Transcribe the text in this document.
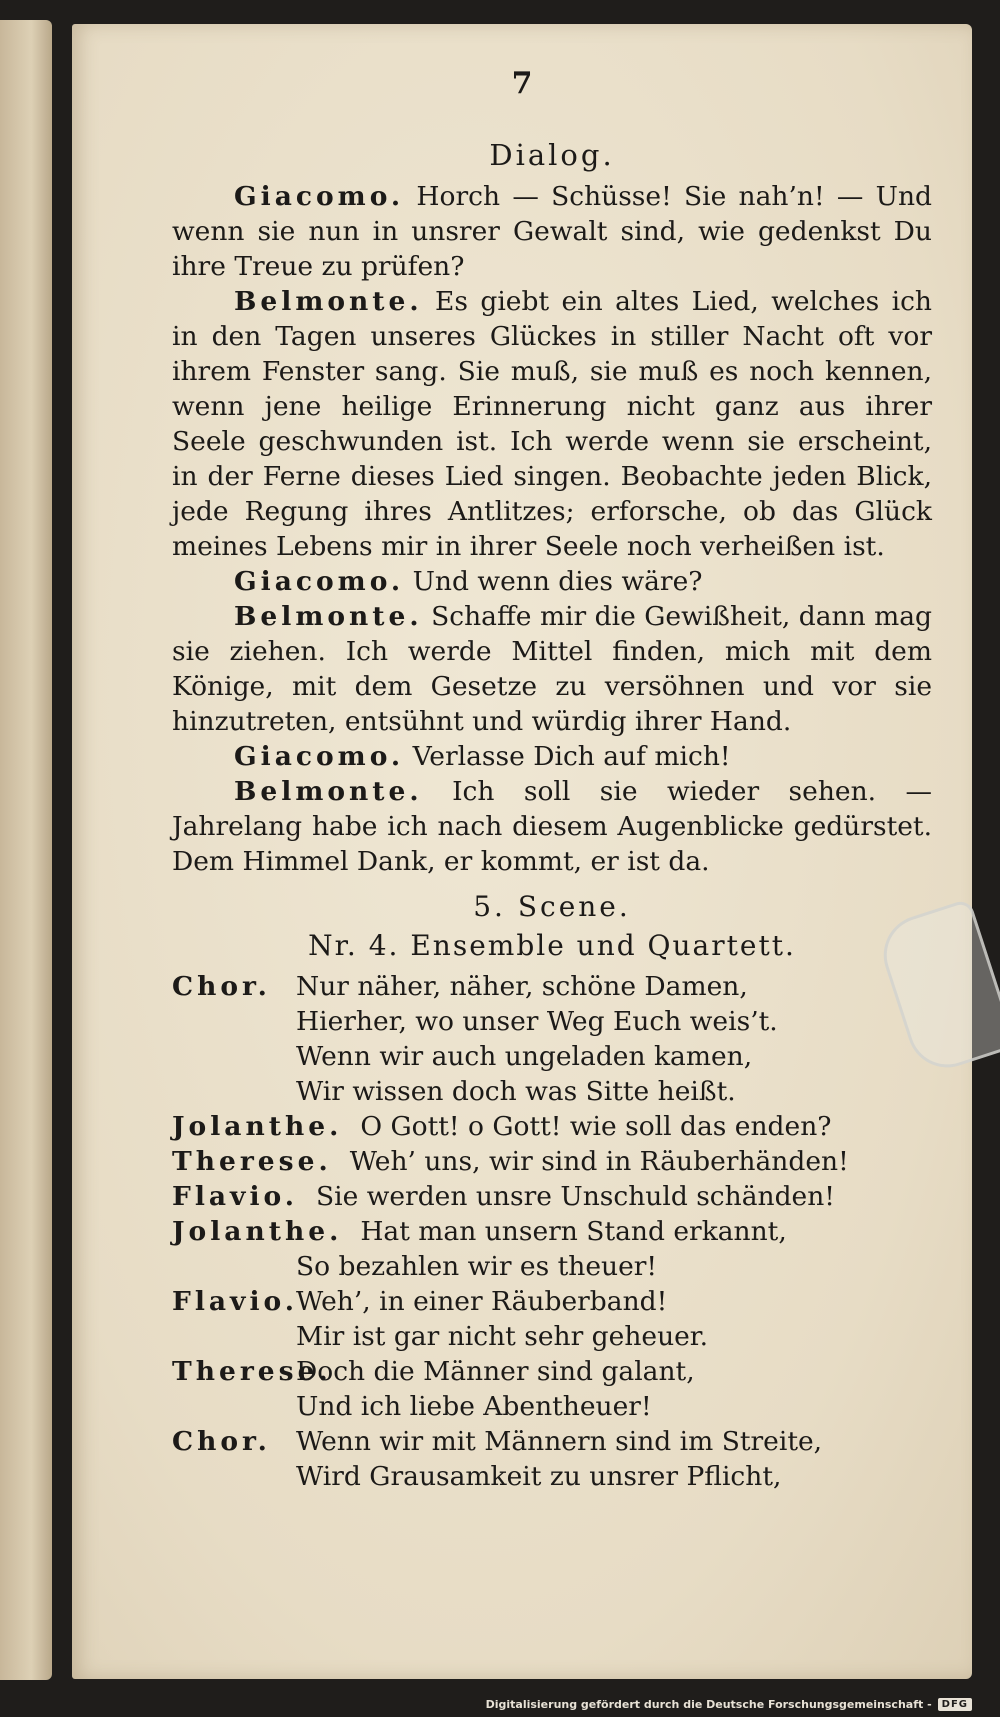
7
Dialog.

Giacomo. Horch — Schüsse! Sie nah’n! — Und wenn sie nun in unsrer Gewalt sind, wie gedenkst Du ihre Treue zu prüfen?

Belmonte. Es giebt ein altes Lied, welches ich in den Tagen unseres Glückes in stiller Nacht oft vor ihrem Fenster sang. Sie muß, sie muß es noch kennen, wenn jene heilige Erinnerung nicht ganz aus ihrer Seele geschwunden ist. Ich werde wenn sie erscheint, in der Ferne dieses Lied singen. Beobachte jeden Blick, jede Regung ihres Antlitzes; erforsche, ob das Glück meines Lebens mir in ihrer Seele noch verheißen ist.

Giacomo. Und wenn dies wäre?

Belmonte. Schaffe mir die Gewißheit, dann mag sie ziehen. Ich werde Mittel finden, mich mit dem Könige, mit dem Gesetze zu versöhnen und vor sie hinzutreten, entsühnt und würdig ihrer Hand.

Giacomo. Verlasse Dich auf mich!

Belmonte. Ich soll sie wieder sehen. — Jahrelang habe ich nach diesem Augenblicke gedürstet. Dem Himmel Dank, er kommt, er ist da.

5. Scene.
Nr. 4. Ensemble und Quartett.
Chor. Nur näher, näher, schöne Damen,
Hierher, wo unser Weg Euch weis’t.
Wenn wir auch ungeladen kamen,
Wir wissen doch was Sitte heißt.
Jolanthe. O Gott! o Gott! wie soll das enden?
Therese. Weh’ uns, wir sind in Räuberhänden!
Flavio. Sie werden unsre Unschuld schänden!
Jolanthe. Hat man unsern Stand erkannt,
So bezahlen wir es theuer!
Flavio.
Weh’, in einer Räuberband!
Mir ist gar nicht sehr geheuer.
Therese.
Doch die Männer sind galant,
Und ich liebe Abentheuer!
Chor. Wenn wir mit Männern sind im Streite,
Wird Grausamkeit zu unsrer Pflicht,
Digitalisierung gefördert durch die Deutsche Forschungsgemeinschaft -	DFG
